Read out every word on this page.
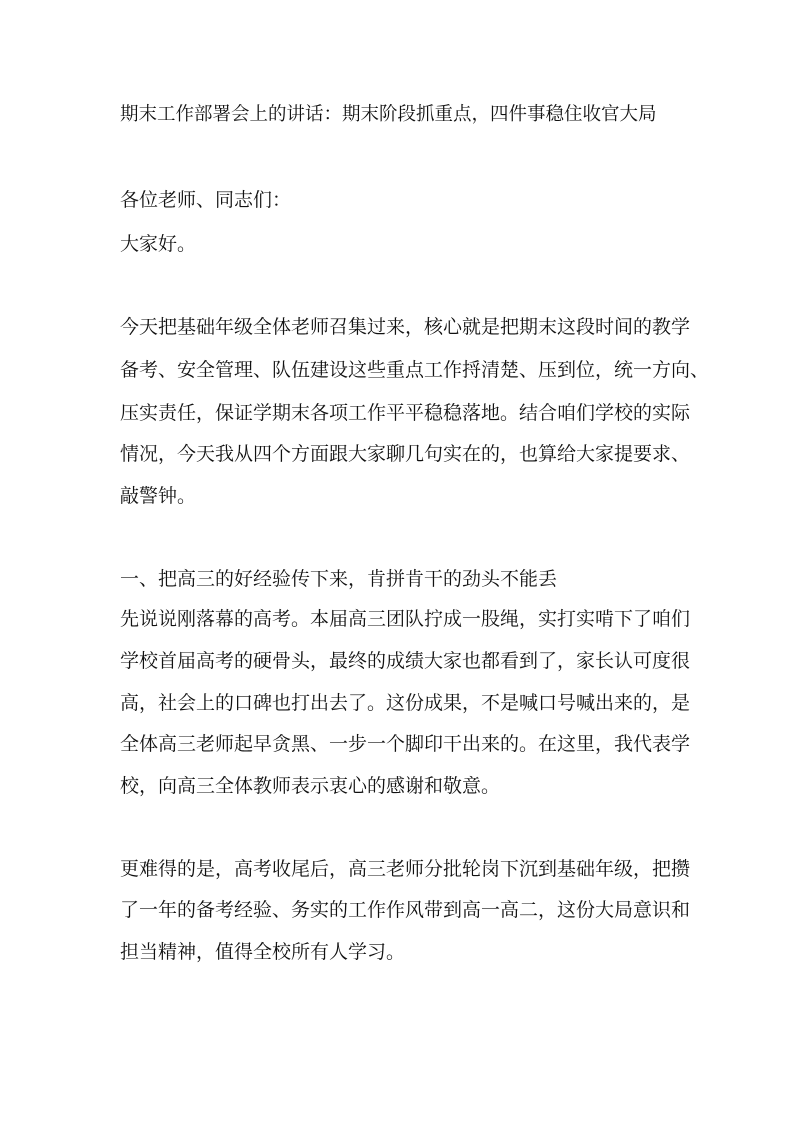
期末工作部署会上的讲话：期末阶段抓重点，四件事稳住收官大局
各位老师、同志们：
大家好。
今天把基础年级全体老师召集过来，核心就是把期末这段时间的教学
备考、安全管理、队伍建设这些重点工作捋清楚、压到位，统一方向、
压实责任，保证学期末各项工作平平稳稳落地。结合咱们学校的实际
情况，今天我从四个方面跟大家聊几句实在的，也算给大家提要求、
敲警钟。
一、把高三的好经验传下来，肯拼肯干的劲头不能丢
先说说刚落幕的高考。本届高三团队拧成一股绳，实打实啃下了咱们
学校首届高考的硬骨头，最终的成绩大家也都看到了，家长认可度很
高，社会上的口碑也打出去了。这份成果，不是喊口号喊出来的，是
全体高三老师起早贪黑、一步一个脚印干出来的。在这里，我代表学
校，向高三全体教师表示衷心的感谢和敬意。
更难得的是，高考收尾后，高三老师分批轮岗下沉到基础年级，把攒
了一年的备考经验、务实的工作作风带到高一高二，这份大局意识和
担当精神，值得全校所有人学习。
